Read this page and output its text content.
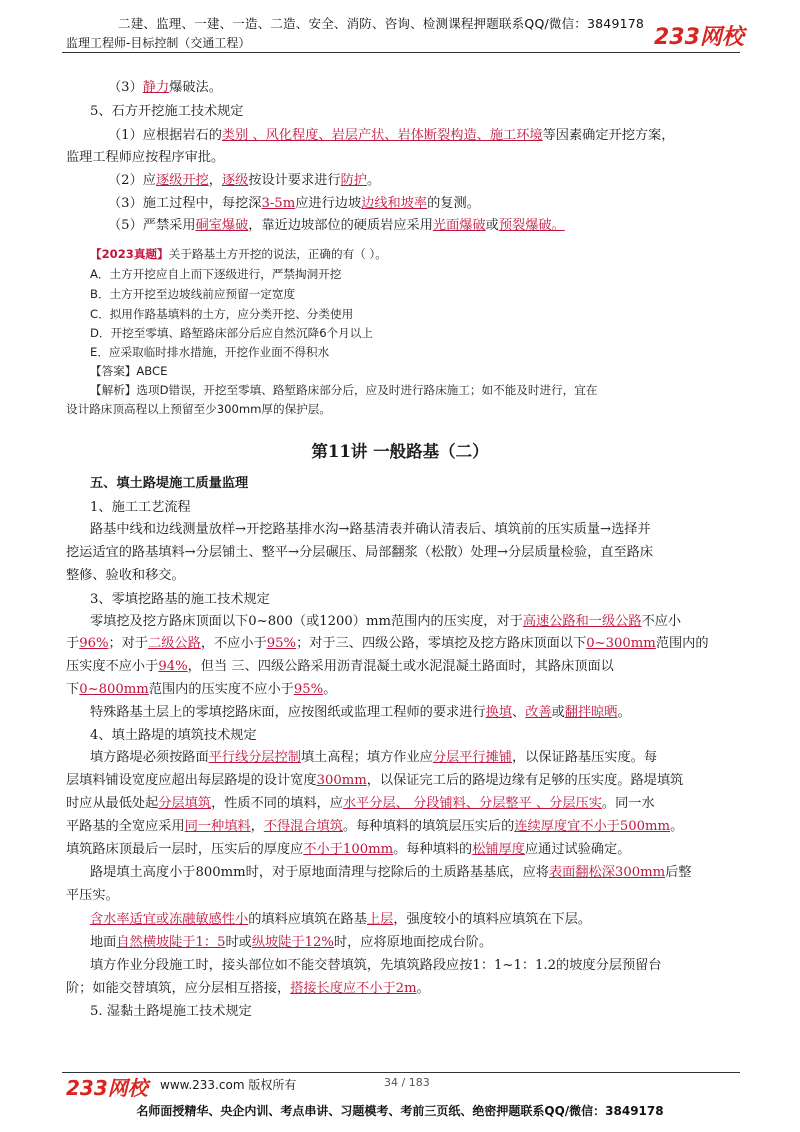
二建、监理、一建、一造、二造、安全、消防、咨询、检测课程押题联系QQ/微信：3849178
监理工程师-目标控制（交通工程）	233网校
（3）静力爆破法。
5、石方开挖施工技术规定
（1）应根据岩石的类别 、风化程度、岩层产状、岩体断裂构造、施工环境等因素确定开挖方案，
监理工程师应按程序审批。
（2）应逐级开挖，逐级按设计要求进行防护。
（3）施工过程中，每挖深3-5m应进行边坡边线和坡率的复测。
（5）严禁采用硐室爆破，靠近边坡部位的硬质岩应采用光面爆破或预裂爆破。
【2023真题】关于路基土方开挖的说法，正确的有（ ）。
A．土方开挖应自上而下逐级进行，严禁掏洞开挖
B．土方开挖至边坡线前应预留一定宽度
C．拟用作路基填料的土方，应分类开挖、分类使用
D．开挖至零填、路堑路床部分后应自然沉降6个月以上
E．应采取临时排水措施，开挖作业面不得积水
【答案】ABCE
【解析】选项D错误，开挖至零填、路堑路床部分后，应及时进行路床施工；如不能及时进行，宜在
设计路床顶高程以上预留至少300mm厚的保护层。
第11讲 一般路基（二）
五、填土路堤施工质量监理
1、施工工艺流程
路基中线和边线测量放样→开挖路基排水沟→路基清表并确认清表后、填筑前的压实质量→选择并
挖运适宜的路基填料→分层铺土、整平→分层碾压、局部翻浆（松散）处理→分层质量检验，直至路床
整修、验收和移交。
3、零填挖路基的施工技术规定
零填挖及挖方路床顶面以下0~800（或1200）mm范围内的压实度，对于高速公路和一级公路不应小
于96%；对于二级公路，不应小于95%；对于三、四级公路，零填挖及挖方路床顶面以下0~300mm范围内的
压实度不应小于94%，但当 三、四级公路采用沥青混凝土或水泥混凝土路面时，其路床顶面以
下0~800mm范围内的压实度不应小于95%。
特殊路基土层上的零填挖路床面，应按图纸或监理工程师的要求进行换填、改善或翻拌晾晒。
4、填土路堤的填筑技术规定
填方路堤必须按路面平行线分层控制填土高程；填方作业应分层平行摊铺，以保证路基压实度。每
层填料铺设宽度应超出每层路堤的设计宽度300mm，以保证完工后的路堤边缘有足够的压实度。路堤填筑
时应从最低处起分层填筑，性质不同的填料，应水平分层、 分段铺料、分层整平 、分层压实。同一水
平路基的全宽应采用同一种填料，不得混合填筑。每种填料的填筑层压实后的连续厚度宜不小于500mm。
填筑路床顶最后一层时，压实后的厚度应不小于100mm。每种填料的松铺厚度应通过试验确定。
路堤填土高度小于800mm时，对于原地面清理与挖除后的土质路基基底，应将表面翻松深300mm后整
平压实。
含水率适宜或冻融敏感性小的填料应填筑在路基上层，强度较小的填料应填筑在下层。
地面自然横坡陡于1：5时或纵坡陡于12%时，应将原地面挖成台阶。
填方作业分段施工时，接头部位如不能交替填筑，先填筑路段应按1：1~1：1.2的坡度分层预留台
阶；如能交替填筑，应分层相互搭接，搭接长度应不小于2m。
5. 湿黏土路堤施工技术规定
233网校 www.233.com 版权所有	34 / 183
名师面授精华、央企内训、考点串讲、习题模考、考前三页纸、绝密押题联系QQ/微信：3849178
